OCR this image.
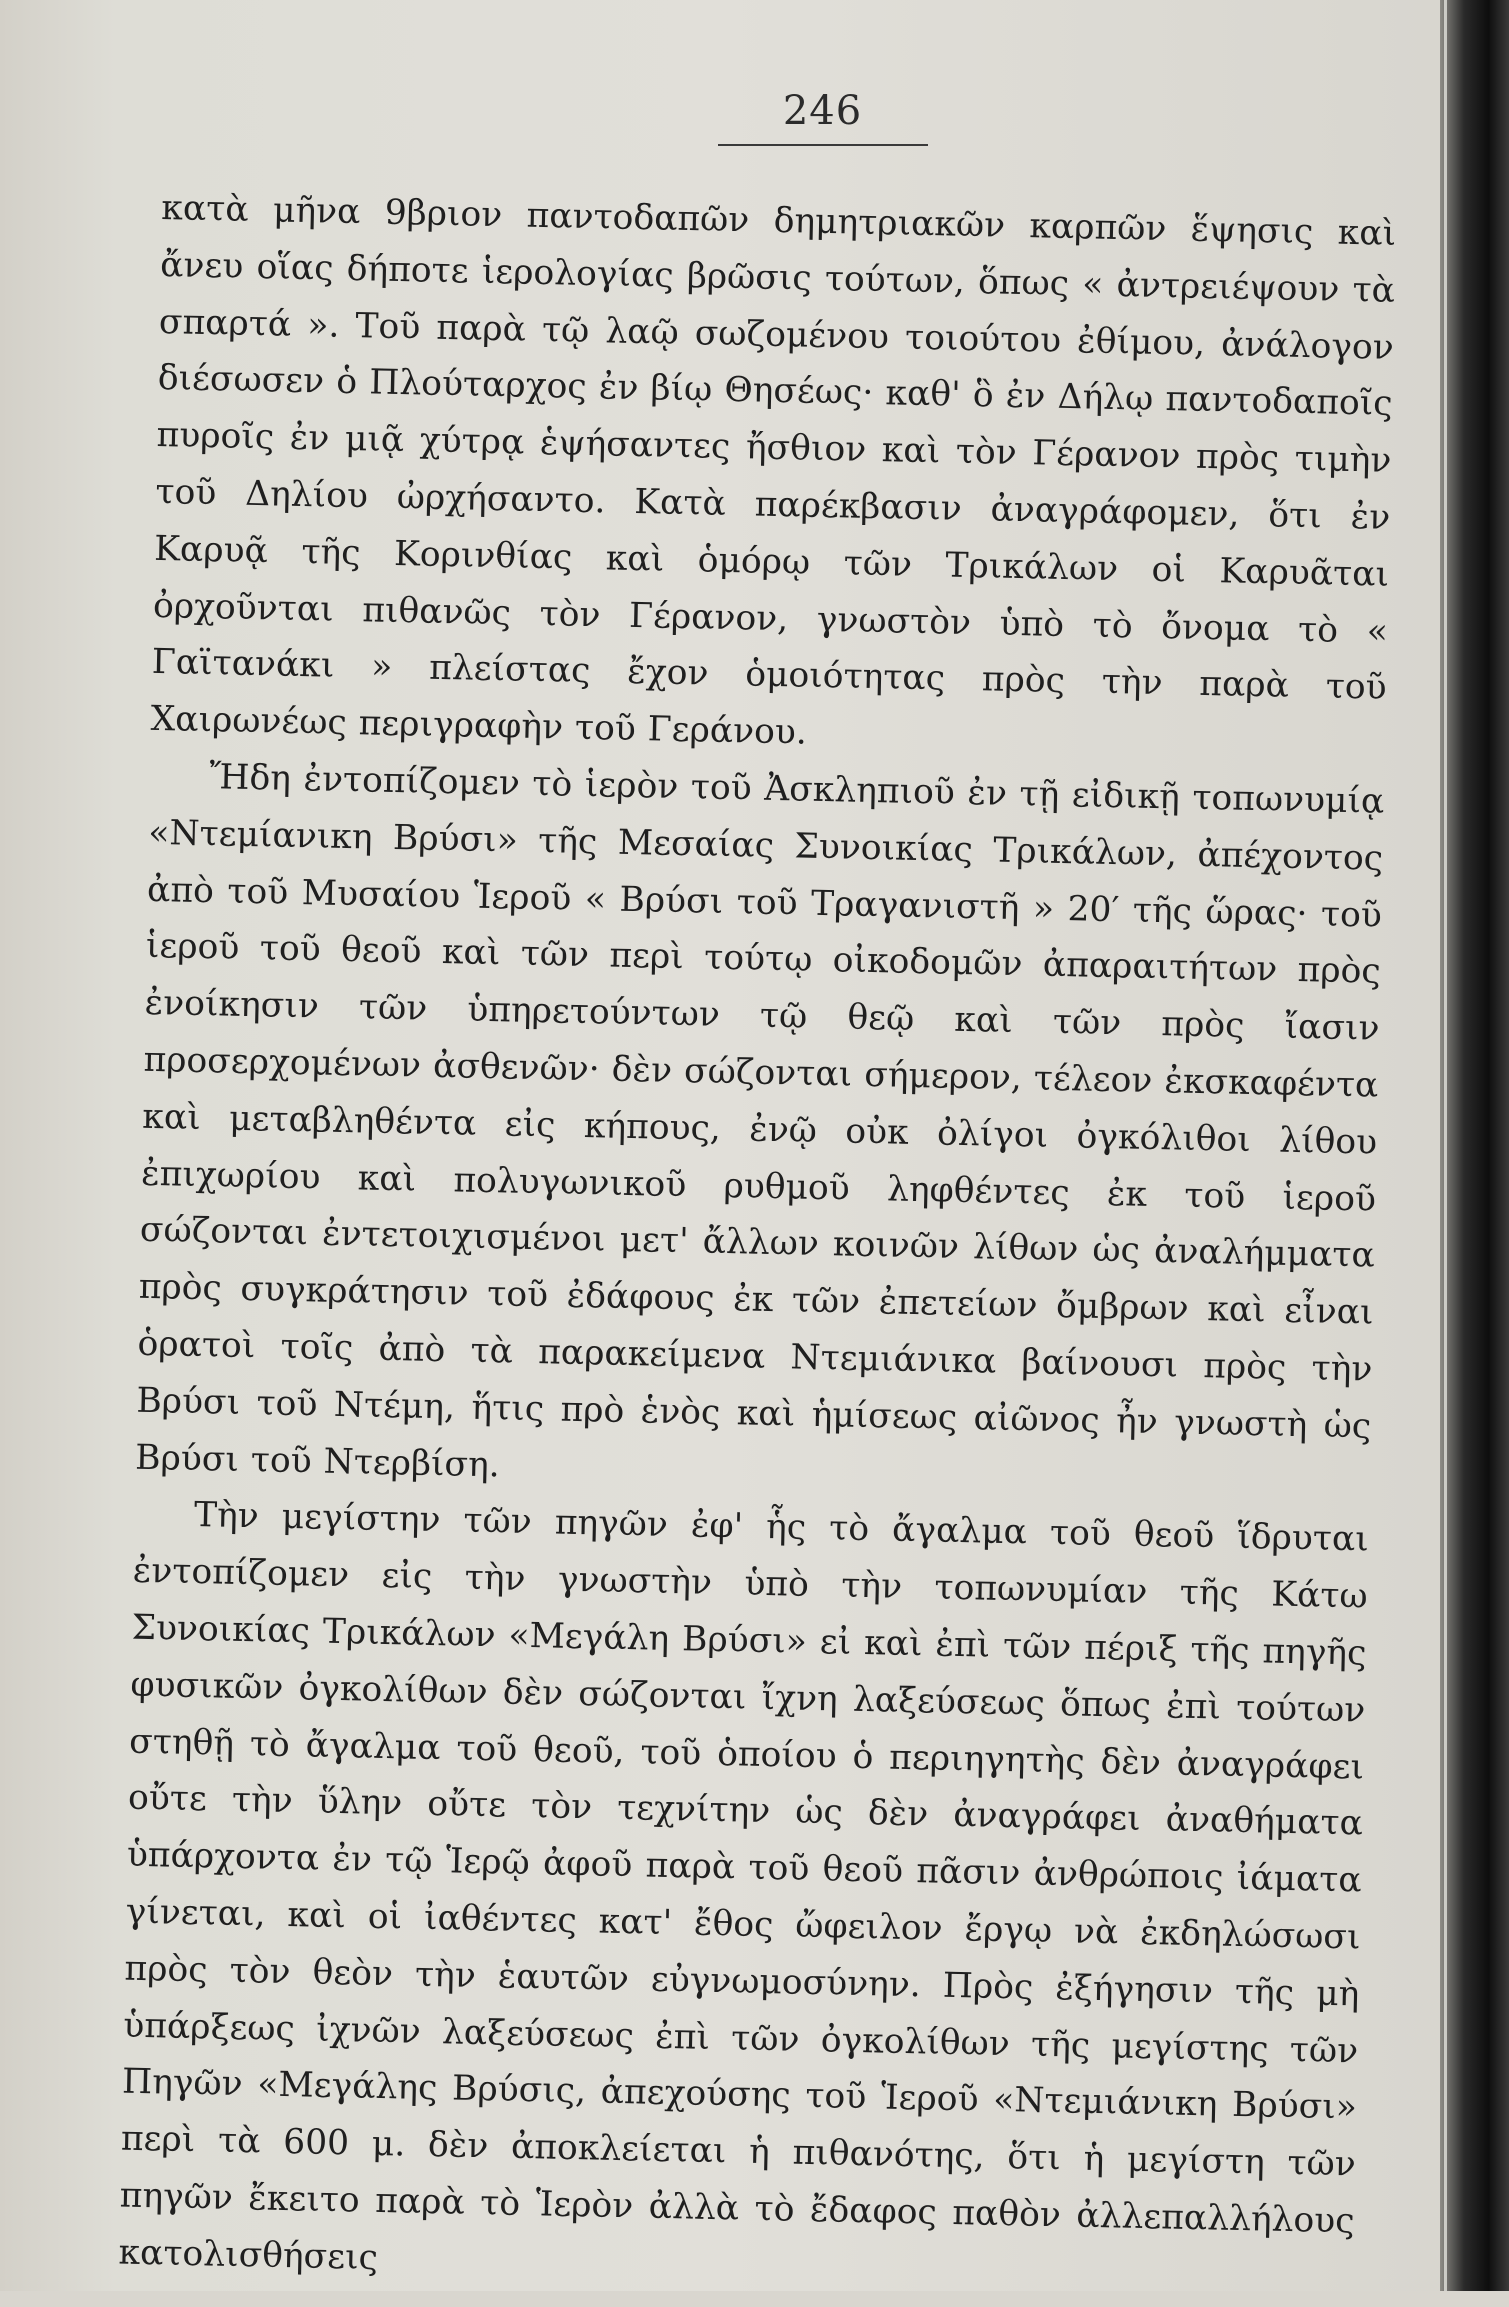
246

κατὰ μῆνα 9βριον παντοδαπῶν δημητριακῶν καρπῶν ἕψησις καὶ ἄνευ οἵας δήποτε ἱερολογίας βρῶσις τούτων, ὅπως « ἀντρειέψουν τὰ σπαρτά ». Τοῦ παρὰ τῷ λαῷ σωζομένου τοιούτου ἐθίμου, ἀνάλογον διέσωσεν ὁ Πλούταρχος ἐν βίῳ Θησέως· καθ' ὃ ἐν Δήλῳ παντοδαποῖς πυροῖς ἐν μιᾷ χύτρᾳ ἑψήσαντες ἤσθιον καὶ τὸν Γέρανον πρὸς τιμὴν τοῦ Δηλίου ὠρχήσαντο. Κατὰ παρέκβασιν ἀναγράφομεν, ὅτι ἐν Καρυᾷ τῆς Κορινθίας καὶ ὁμόρῳ τῶν Τρικάλων οἱ Καρυᾶται ὀρχοῦνται πιθανῶς τὸν Γέρανον, γνωστὸν ὑπὸ τὸ ὄνομα τὸ « Γαϊτανάκι » πλείστας ἔχον ὁμοιότητας πρὸς τὴν παρὰ τοῦ Χαιρωνέως περιγραφὴν τοῦ Γεράνου.

Ἤδη ἐντοπίζομεν τὸ ἱερὸν τοῦ Ἀσκληπιοῦ ἐν τῇ εἰδικῇ τοπωνυμίᾳ «Ντεμίανικη Βρύσι» τῆς Μεσαίας Συνοικίας Τρικάλων, ἀπέχοντος ἀπὸ τοῦ Μυσαίου Ἱεροῦ « Βρύσι τοῦ Τραγανιστῆ » 20′ τῆς ὥρας· τοῦ ἱεροῦ τοῦ θεοῦ καὶ τῶν περὶ τούτῳ οἰκοδομῶν ἀπαραιτήτων πρὸς ἐνοίκησιν τῶν ὑπηρετούντων τῷ θεῷ καὶ τῶν πρὸς ἴασιν προσερχομένων ἀσθενῶν· δὲν σώζονται σήμερον, τέλεον ἐκσκαφέντα καὶ μεταβληθέντα εἰς κήπους, ἐνῷ οὐκ ὀλίγοι ὀγκόλιθοι λίθου ἐπιχωρίου καὶ πολυγωνικοῦ ρυθμοῦ ληφθέντες ἐκ τοῦ ἱεροῦ σώζονται ἐντετοιχισμένοι μετ' ἄλλων κοινῶν λίθων ὡς ἀναλήμματα πρὸς συγκράτησιν τοῦ ἐδάφους ἐκ τῶν ἐπετείων ὄμβρων καὶ εἶναι ὁρατοὶ τοῖς ἀπὸ τὰ παρακείμενα Ντεμιάνικα βαίνουσι πρὸς τὴν Βρύσι τοῦ Ντέμη, ἥτις πρὸ ἑνὸς καὶ ἡμίσεως αἰῶνος ἦν γνωστὴ ὡς Βρύσι τοῦ Ντερβίση.

Τὴν μεγίστην τῶν πηγῶν ἐφ' ἧς τὸ ἄγαλμα τοῦ θεοῦ ἵδρυται ἐντοπίζομεν εἰς τὴν γνωστὴν ὑπὸ τὴν τοπωνυμίαν τῆς Κάτω Συνοικίας Τρικάλων «Μεγάλη Βρύσι» εἰ καὶ ἐπὶ τῶν πέριξ τῆς πηγῆς φυσικῶν ὀγκολίθων δὲν σώζονται ἴχνη λαξεύσεως ὅπως ἐπὶ τούτων στηθῇ τὸ ἄγαλμα τοῦ θεοῦ, τοῦ ὁποίου ὁ περιηγητὴς δὲν ἀναγράφει οὔτε τὴν ὕλην οὔτε τὸν τεχνίτην ὡς δὲν ἀναγράφει ἀναθήματα ὑπάρχοντα ἐν τῷ Ἱερῷ ἀφοῦ παρὰ τοῦ θεοῦ πᾶσιν ἀνθρώποις ἰάματα γίνεται, καὶ οἱ ἰαθέντες κατ' ἔθος ὤφειλον ἔργῳ νὰ ἐκδηλώσωσι πρὸς τὸν θεὸν τὴν ἑαυτῶν εὐγνωμοσύνην. Πρὸς ἐξήγησιν τῆς μὴ ὑπάρξεως ἰχνῶν λαξεύσεως ἐπὶ τῶν ὀγκολίθων τῆς μεγίστης τῶν Πηγῶν «Μεγάλης Βρύσις, ἀπεχούσης τοῦ Ἱεροῦ «Ντεμιάνικη Βρύσι» περὶ τὰ 600 μ. δὲν ἀποκλείεται ἡ πιθανότης, ὅτι ἡ μεγίστη τῶν πηγῶν ἔκειτο παρὰ τὸ Ἱερὸν ἀλλὰ τὸ ἔδαφος παθὸν ἀλλεπαλλήλους κατολισθήσεις
